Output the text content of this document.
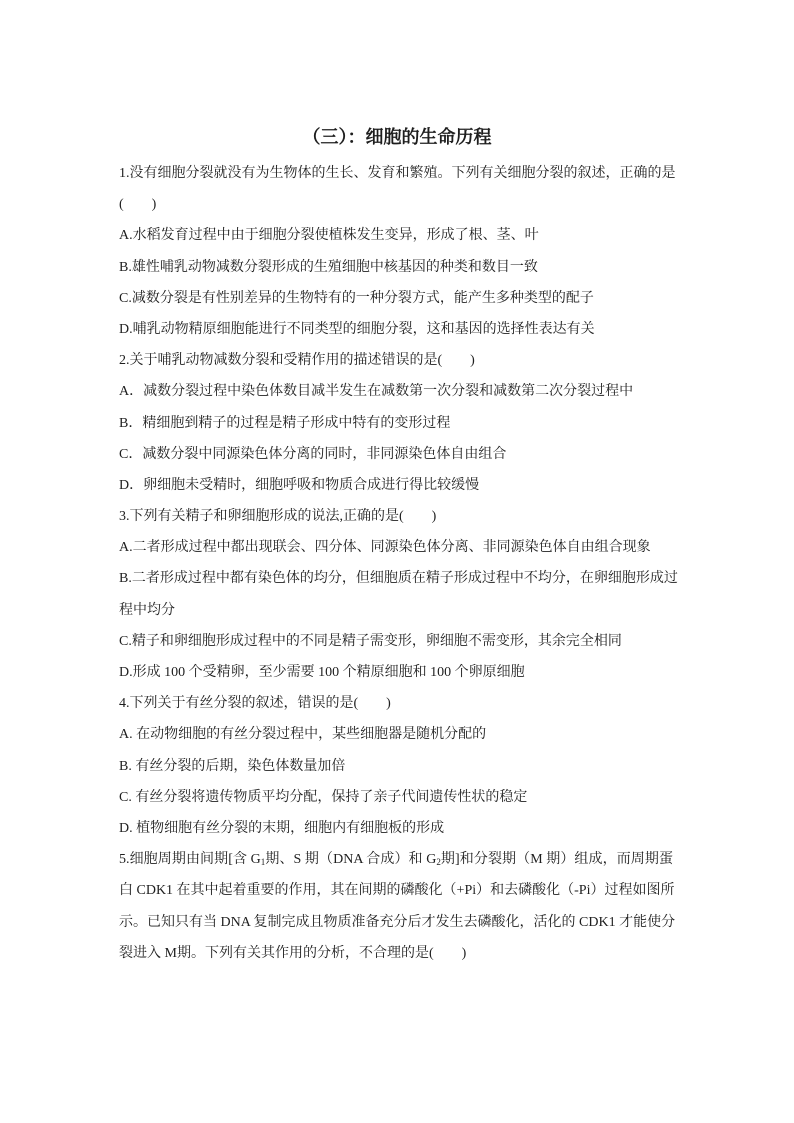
（三）：细胞的生命历程
1.没有细胞分裂就没有为生物体的生长、发育和繁殖。下列有关细胞分裂的叙述，正确的是
(　　)
A.水稻发育过程中由于细胞分裂使植株发生变异，形成了根、茎、叶
B.雄性哺乳动物减数分裂形成的生殖细胞中核基因的种类和数目一致
C.减数分裂是有性别差异的生物特有的一种分裂方式，能产生多种类型的配子
D.哺乳动物精原细胞能进行不同类型的细胞分裂，这和基因的选择性表达有关
2.关于哺乳动物减数分裂和受精作用的描述错误的是(　　)
A．减数分裂过程中染色体数目减半发生在减数第一次分裂和减数第二次分裂过程中
B．精细胞到精子的过程是精子形成中特有的变形过程
C．减数分裂中同源染色体分离的同时，非同源染色体自由组合
D．卵细胞未受精时，细胞呼吸和物质合成进行得比较缓慢
3.下列有关精子和卵细胞形成的说法,正确的是(　　)
A.二者形成过程中都出现联会、四分体、同源染色体分离、非同源染色体自由组合现象
B.二者形成过程中都有染色体的均分，但细胞质在精子形成过程中不均分，在卵细胞形成过
程中均分
C.精子和卵细胞形成过程中的不同是精子需变形，卵细胞不需变形，其余完全相同
D.形成 100 个受精卵，至少需要 100 个精原细胞和 100 个卵原细胞
4.下列关于有丝分裂的叙述，错误的是(　　)
A. 在动物细胞的有丝分裂过程中，某些细胞器是随机分配的
B. 有丝分裂的后期，染色体数量加倍
C. 有丝分裂将遗传物质平均分配，保持了亲子代间遗传性状的稳定
D. 植物细胞有丝分裂的末期，细胞内有细胞板的形成
5.细胞周期由间期[含 $G_1$期、S 期（DNA 合成）和 $G_2$期]和分裂期（M 期）组成，而周期蛋
白 CDK1 在其中起着重要的作用，其在间期的磷酸化（+Pi）和去磷酸化（-Pi）过程如图所
示。已知只有当 DNA 复制完成且物质准备充分后才发生去磷酸化，活化的 CDK1 才能使分
裂进入 M期。下列有关其作用的分析，不合理的是(　　)
